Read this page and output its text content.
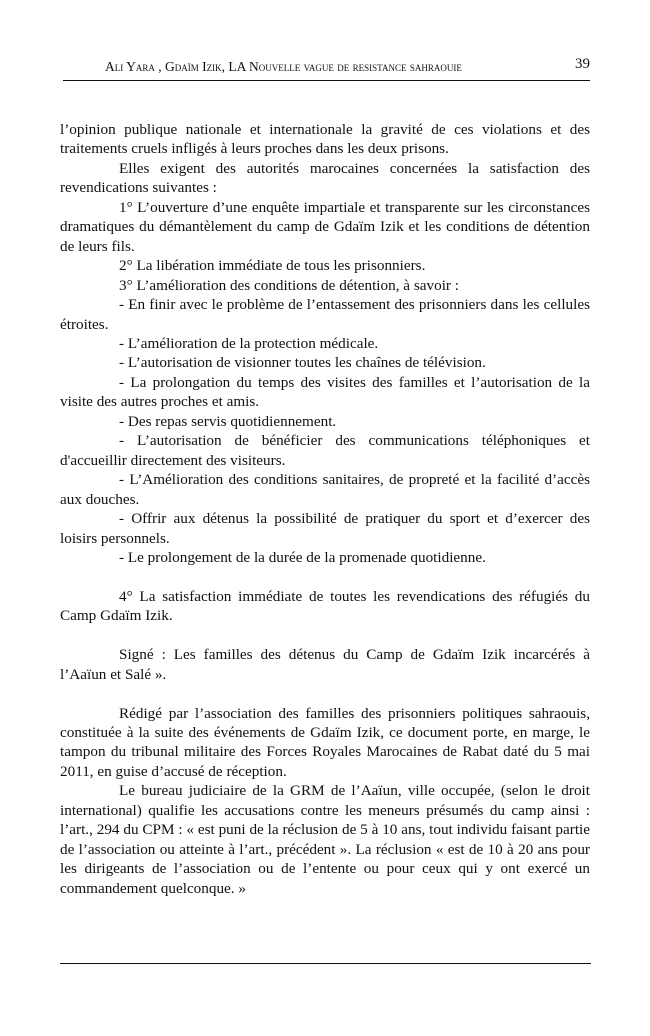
Ali Yara , Gdaïm Izik, LA Nouvelle vague de resistance sahraouie	39

l’opinion publique nationale et internationale la gravité de ces violations et des traitements cruels infligés à leurs proches dans les deux prisons.

Elles exigent des autorités marocaines concernées la satisfaction des revendications suivantes :

1° L’ouverture d’une enquête impartiale et transparente sur les circonstances dramatiques du démantèlement du camp de Gdaïm Izik et les conditions de détention de leurs fils.

2° La libération immédiate de tous les prisonniers.

3° L’amélioration des conditions de détention, à savoir :

- En finir avec le problème de l’entassement des prisonniers dans les cellules étroites.

- L’amélioration de la protection médicale.

- L’autorisation de visionner toutes les chaînes de télévision.

- La prolongation du temps des visites des familles et l’autorisation de la visite des autres proches et amis.

- Des repas servis quotidiennement.

- L’autorisation de bénéficier des communications téléphoniques et d'accueillir directement des visiteurs.

- L’Amélioration des conditions sanitaires, de propreté et la facilité d’accès aux douches.

- Offrir aux détenus la possibilité de pratiquer du sport et d’exercer des loisirs personnels.

- Le prolongement de la durée de la promenade quotidienne.

4° La satisfaction immédiate de toutes les revendications des réfugiés du Camp Gdaïm Izik.

Signé : Les familles des détenus du Camp de Gdaïm Izik incarcérés à l’Aaïun et Salé ».

Rédigé par l’association des familles des prisonniers politiques sahraouis, constituée à la suite des événements de Gdaïm Izik, ce document porte, en marge, le tampon du tribunal militaire des Forces Royales Marocaines de Rabat daté du 5 mai 2011, en guise d’accusé de réception.

Le bureau judiciaire de la GRM de l’Aaïun, ville occupée, (selon le droit international) qualifie les accusations contre les meneurs présumés du camp ainsi : l’art., 294 du CPM : « est puni de la réclusion de 5 à 10 ans, tout individu faisant partie de l’association ou atteinte à l’art., précédent ». La réclusion « est de 10 à 20 ans pour les dirigeants de l’association ou de l’entente ou pour ceux qui y ont exercé un commandement quelconque. »
